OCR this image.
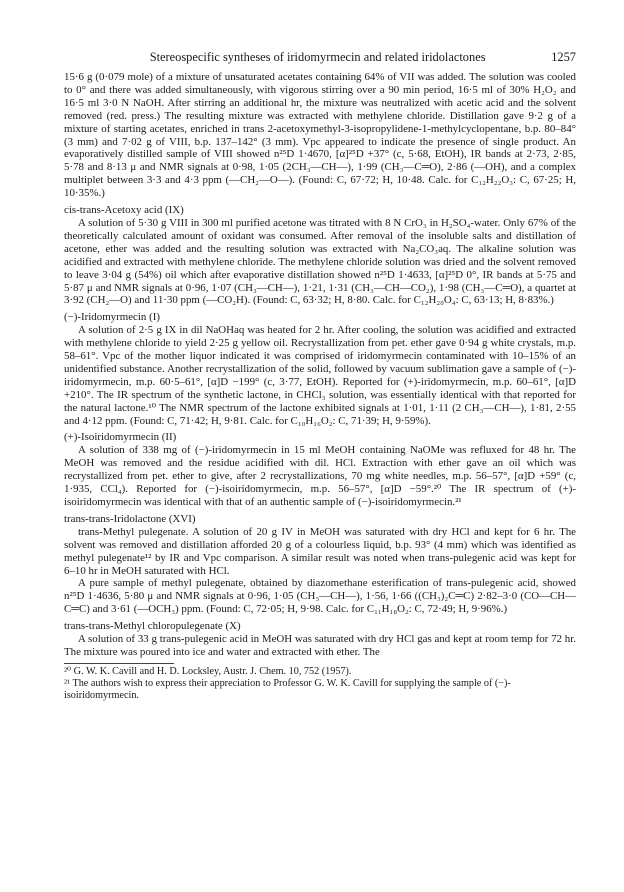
Stereospecific syntheses of iridomyrmecin and related iridolactones	1257

15·6 g (0·079 mole) of a mixture of unsaturated acetates containing 64% of VII was added. The solution was cooled to 0° and there was added simultaneously, with vigorous stirring over a 90 min period, 16·5 ml of 30% H₂O₂ and 16·5 ml 3·0 N NaOH. After stirring an additional hr, the mixture was neutralized with acetic acid and the solvent removed (red. press.) The resulting mixture was extracted with methylene chloride. Distillation gave 9·2 g of a mixture of starting acetates, enriched in trans 2-acetoxymethyl-3-isopropylidene-1-methylcyclopentane, b.p. 80–84° (3 mm) and 7·02 g of VIII, b.p. 137–142° (3 mm). Vpc appeared to indicate the presence of single product. An evaporatively distilled sample of VIII showed n²⁵D 1·4670, [α]²⁵D +37° (c, 5·68, EtOH), IR bands at 2·73, 2·85, 5·78 and 8·13 μ and NMR signals at 0·98, 1·05 (2CH₃—CH—), 1·99 (CH₃—C═O), 2·86 (—OH), and a complex multiplet between 3·3 and 4·3 ppm (—CH₂—O—). (Found: C, 67·72; H, 10·48. Calc. for C₁₂H₂₂O₃: C, 67·25; H, 10·35%.)

cis-trans-Acetoxy acid (IX)

A solution of 5·30 g VIII in 300 ml purified acetone was titrated with 8 N CrO₃ in H₂SO₄-water. Only 67% of the theoretically calculated amount of oxidant was consumed. After removal of the insoluble salts and distillation of acetone, ether was added and the resulting solution was extracted with Na₂CO₃aq. The alkaline solution was acidified and extracted with methylene chloride. The methylene chloride solution was dried and the solvent removed to leave 3·04 g (54%) oil which after evaporative distillation showed n²⁵D 1·4633, [α]²⁵D 0°, IR bands at 5·75 and 5·87 μ and NMR signals at 0·96, 1·07 (CH₃—CH—), 1·21, 1·31 (CH₃—CH—CO₂), 1·98 (CH₃—C═O), a quartet at 3·92 (CH₂—O) and 11·30 ppm (—CO₂H). (Found: C, 63·32; H, 8·80. Calc. for C₁₂H₂₀O₄: C, 63·13; H, 8·83%.)

(−)-Iridomyrmecin (I)

A solution of 2·5 g IX in dil NaOHaq was heated for 2 hr. After cooling, the solution was acidified and extracted with methylene chloride to yield 2·25 g yellow oil. Recrystallization from pet. ether gave 0·94 g white crystals, m.p. 58–61°. Vpc of the mother liquor indicated it was comprised of iridomyrmecin contaminated with 10–15% of an unidentified substance. Another recrystallization of the solid, followed by vacuum sublimation gave a sample of (−)-iridomyrmecin, m.p. 60·5–61°, [α]D −199° (c, 3·77, EtOH). Reported for (+)-iridomyrmecin, m.p. 60–61°, [α]D +210°. The IR spectrum of the synthetic lactone, in CHCl₃ solution, was essentially identical with that reported for the natural lactone.¹⁰ The NMR spectrum of the lactone exhibited signals at 1·01, 1·11 (2 CH₃—CH—), 1·81, 2·55 and 4·12 ppm. (Found: C, 71·42; H, 9·81. Calc. for C₁₀H₁₆O₂: C, 71·39; H, 9·59%).

(+)-Isoiridomyrmecin (II)

A solution of 338 mg of (−)-iridomyrmecin in 15 ml MeOH containing NaOMe was refluxed for 48 hr. The MeOH was removed and the residue acidified with dil. HCl. Extraction with ether gave an oil which was recrystallized from pet. ether to give, after 2 recrystallizations, 70 mg white needles, m.p. 56–57°, [α]D +59° (c, 1·935, CCl₄). Reported for (−)-isoiridomyrmecin, m.p. 56–57°, [α]D −59°.²⁰ The IR spectrum of (+)-isoiridomyrmecin was identical with that of an authentic sample of (−)-isoiridomyrmecin.²¹

trans-trans-Iridolactone (XVI)

trans-Methyl pulegenate. A solution of 20 g IV in MeOH was saturated with dry HCl and kept for 6 hr. The solvent was removed and distillation afforded 20 g of a colourless liquid, b.p. 93° (4 mm) which was identified as methyl pulegenate¹² by IR and Vpc comparison. A similar result was noted when trans-pulegenic acid was kept for 6–10 hr in MeOH saturated with HCl.

A pure sample of methyl pulegenate, obtained by diazomethane esterification of trans-pulegenic acid, showed n²⁵D 1·4636, 5·80 μ and NMR signals at 0·96, 1·05 (CH₃—CH—), 1·56, 1·66 ((CH₃)₂C═C) 2·82–3·0 (CO—CH—C═C) and 3·61 (—OCH₃) ppm. (Found: C, 72·05; H, 9·98. Calc. for C₁₁H₁₈O₂: C, 72·49; H, 9·96%.)

trans-trans-Methyl chloropulegenate (X)

A solution of 33 g trans-pulegenic acid in MeOH was saturated with dry HCl gas and kept at room temp for 72 hr. The mixture was poured into ice and water and extracted with ether. The

²⁰ G. W. K. Cavill and H. D. Locksley, Austr. J. Chem. 10, 752 (1957).

²¹ The authors wish to express their appreciation to Professor G. W. K. Cavill for supplying the sample of (−)-isoiridomyrmecin.
